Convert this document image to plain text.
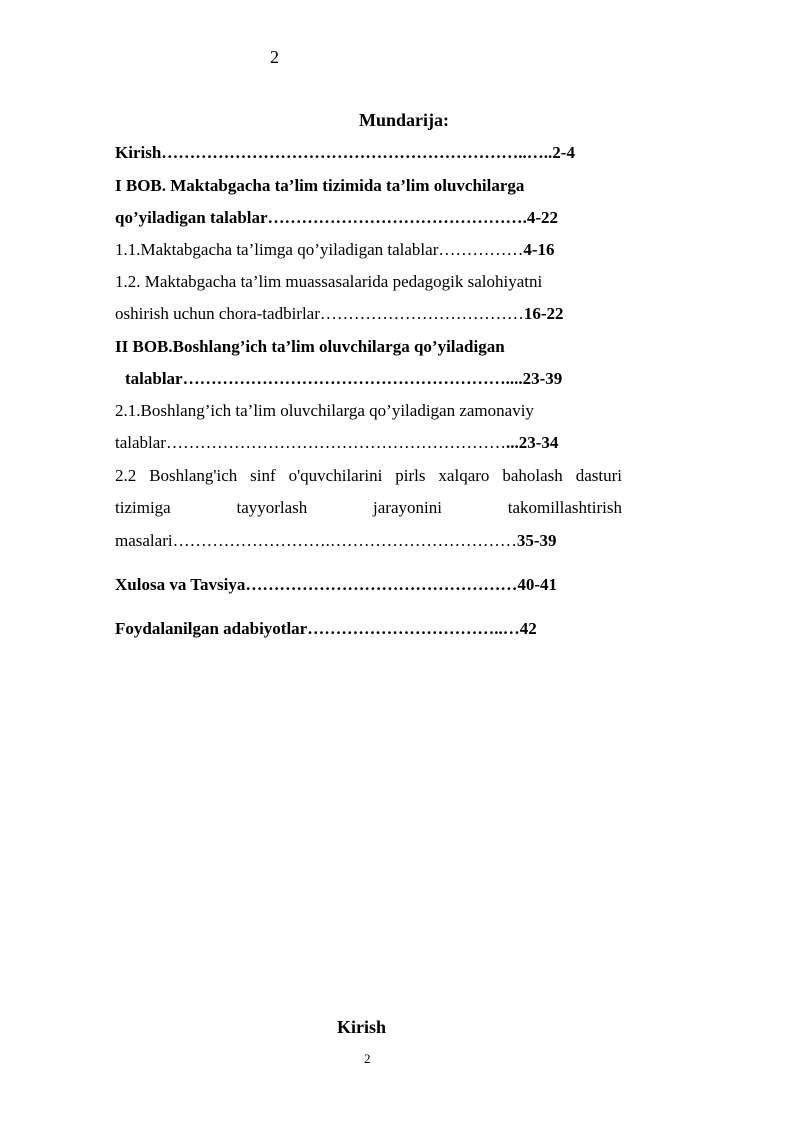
2
Mundarija:
Kirish………………………………………………………..…..2-4
I BOB. Maktabgacha ta’lim tizimida ta’lim oluvchilarga
qo’yiladigan talablar……………………………………….4-22
1.1.Maktabgacha ta’limga qo’yiladigan talablar……………4-16
1.2. Maktabgacha ta’lim muassasalarida pedagogik salohiyatni
oshirish uchun chora-tadbirlar………………………………16-22
II BOB.Boshlang’ich ta’lim oluvchilarga qo’yiladigan
talablar…………………………………………………....23-39
2.1.Boshlang’ich ta’lim oluvchilarga qo’yiladigan zamonaviy
talablar……………………………………………………...23-34
2.2 Boshlang'ich sinf o'quvchilarini pirls xalqaro baholash dasturi
tizimiga tayyorlash jarayonini takomillashtirish
masalari……………………….……………………………35-39
Xulosa va Tavsiya…………………………………………40-41
Foydalanilgan adabiyotlar……………………………..…42
Kirish
2
